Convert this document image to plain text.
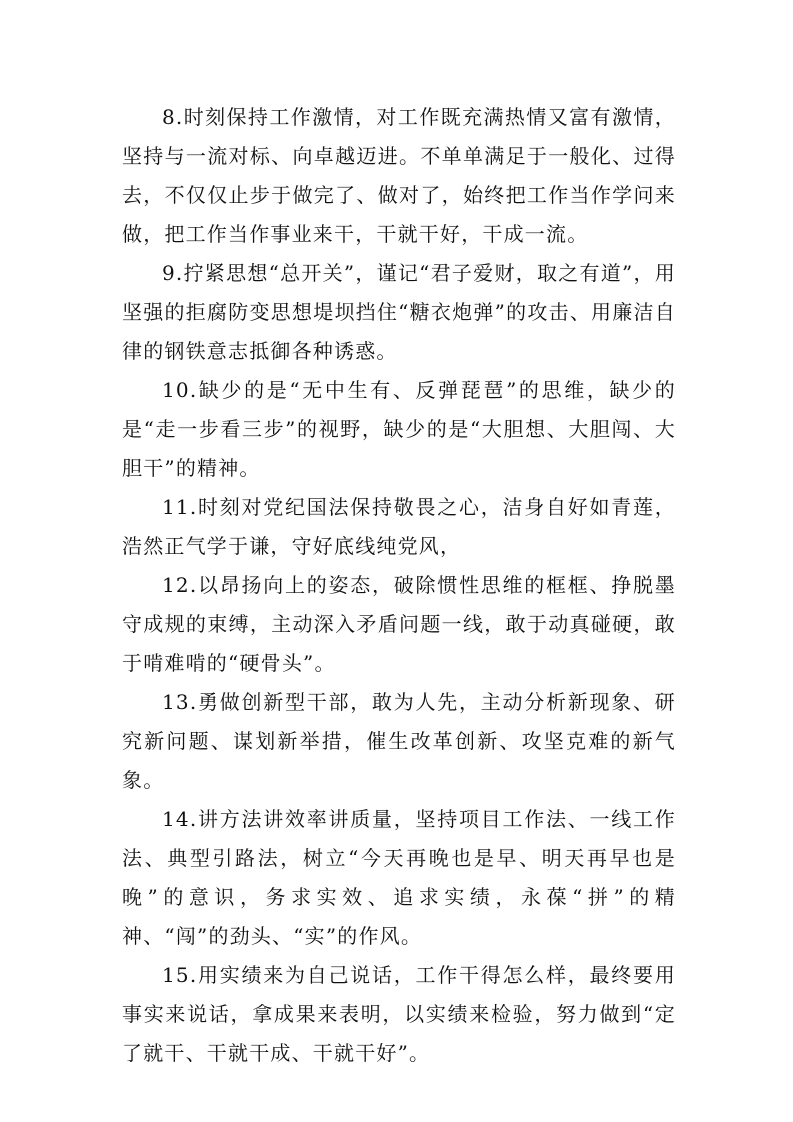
8.时刻保持工作激情，对工作既充满热情又富有激情，坚持与一流对标、向卓越迈进。不单单满足于一般化、过得去，不仅仅止步于做完了、做对了，始终把工作当作学问来做，把工作当作事业来干，干就干好，干成一流。

9.拧紧思想“总开关”，谨记“君子爱财，取之有道”，用坚强的拒腐防变思想堤坝挡住“糖衣炮弹”的攻击、用廉洁自律的钢铁意志抵御各种诱惑。

10.缺少的是“无中生有、反弹琵琶”的思维，缺少的是“走一步看三步”的视野，缺少的是“大胆想、大胆闯、大胆干”的精神。

11.时刻对党纪国法保持敬畏之心，洁身自好如青莲，浩然正气学于谦，守好底线纯党风，

12.以昂扬向上的姿态，破除惯性思维的框框、挣脱墨守成规的束缚，主动深入矛盾问题一线，敢于动真碰硬，敢于啃难啃的“硬骨头”。

13.勇做创新型干部，敢为人先，主动分析新现象、研究新问题、谋划新举措，催生改革创新、攻坚克难的新气象。

14.讲方法讲效率讲质量，坚持项目工作法、一线工作法、典型引路法，树立“今天再晚也是早、明天再早也是晚”的意识，务求实效、追求实绩，永葆“拼”的精神、“闯”的劲头、“实”的作风。

15.用实绩来为自己说话，工作干得怎么样，最终要用事实来说话，拿成果来表明，以实绩来检验，努力做到“定了就干、干就干成、干就干好”。
